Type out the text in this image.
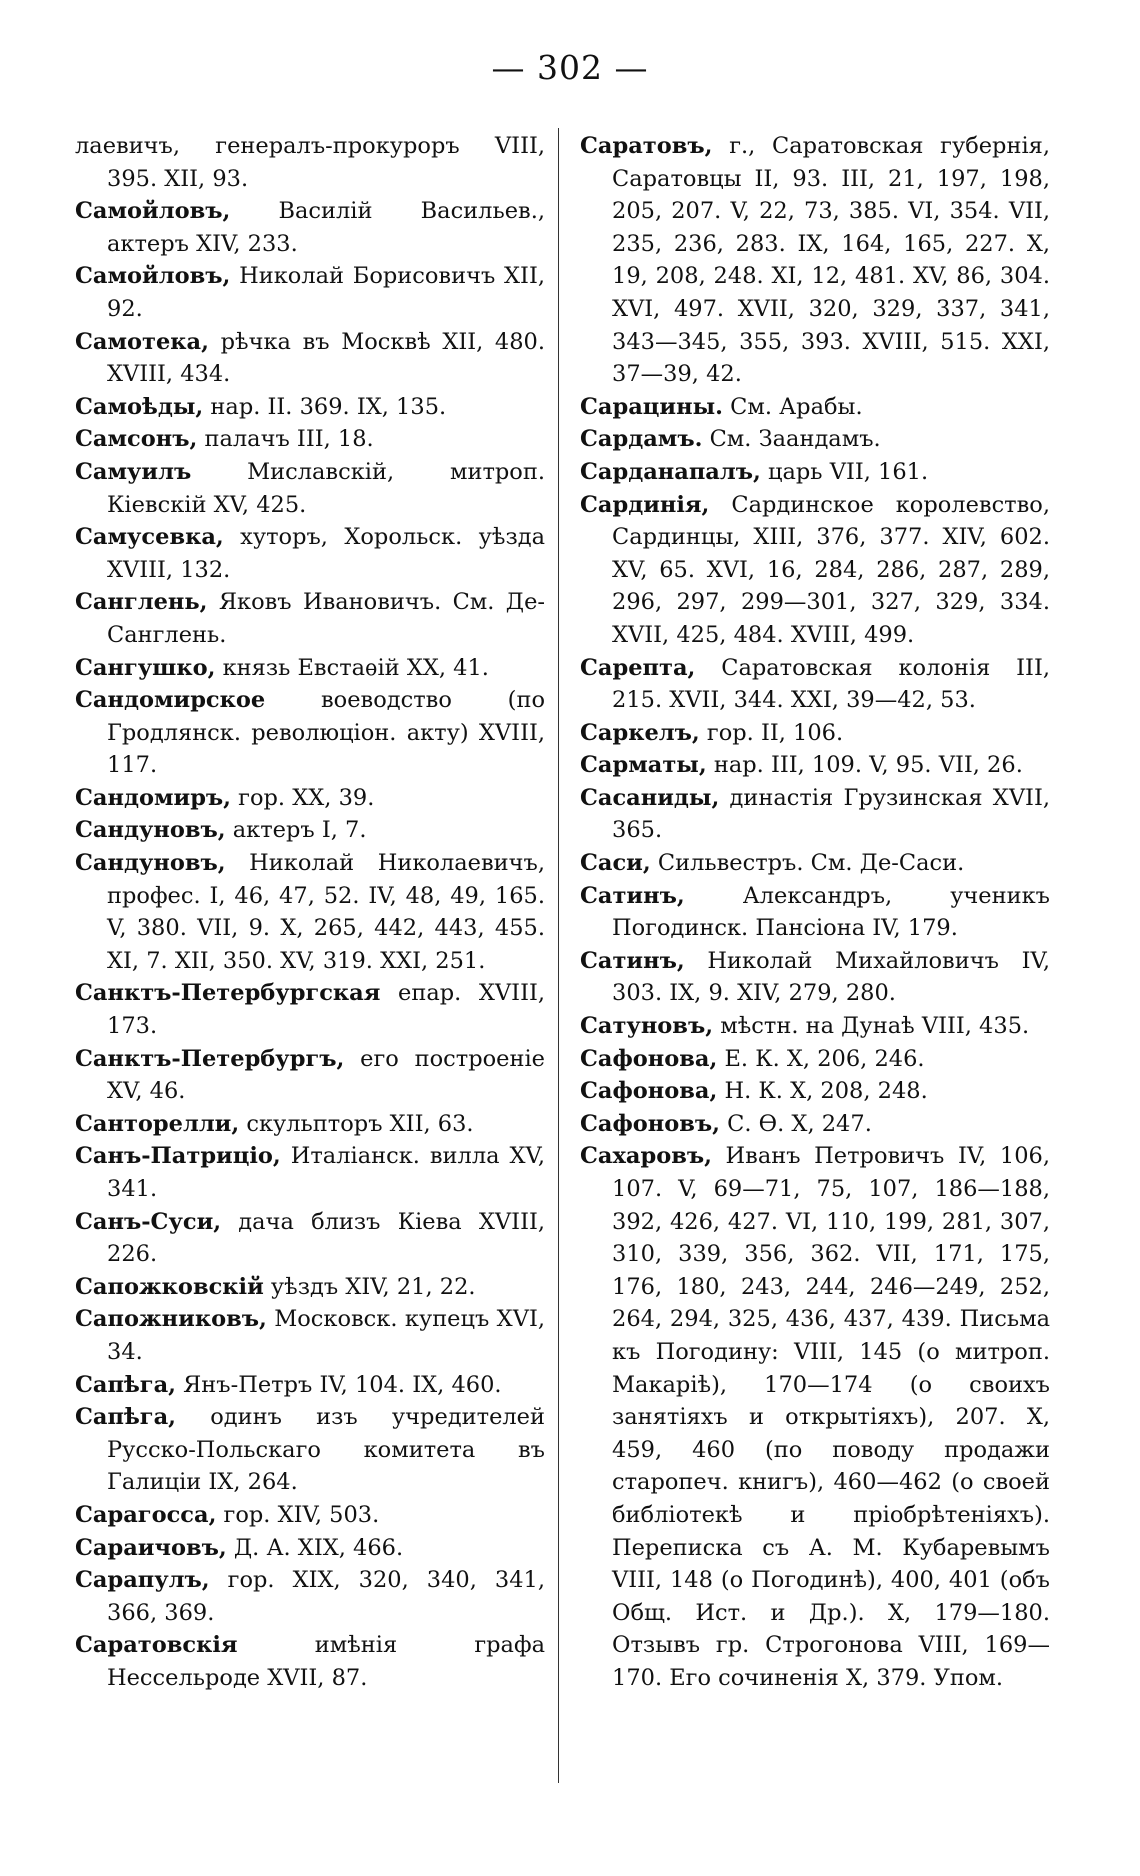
— 302 —
лаевичъ, генералъ-прокуроръ VIII, 395. XII, 93.
Самойловъ, Василій Васильев., актеръ XIV, 233.
Самойловъ, Николай Борисовичъ XII, 92.
Самотека, рѣчка въ Москвѣ XII, 480. XVIII, 434.
Самоѣды, нар. II. 369. IX, 135.
Самсонъ, палачъ III, 18.
Самуилъ Миславскій, митроп. Кіевскій XV, 425.
Самусевка, хуторъ, Хорольск. уѣзда XVIII, 132.
Санглень, Яковъ Ивановичъ. См. Де-Санглень.
Сангушко, князь Евстаѳій XX, 41.
Сандомирское воеводство (по Гродлянск. революціон. акту) XVIII, 117.
Сандомиръ, гор. XX, 39.
Сандуновъ, актеръ I, 7.
Сандуновъ, Николай Николаевичъ, профес. I, 46, 47, 52. IV, 48, 49, 165. V, 380. VII, 9. X, 265, 442, 443, 455. XI, 7. XII, 350. XV, 319. XXI, 251.
Санктъ-Петербургская епар. XVIII, 173.
Санктъ-Петербургъ, его построеніе XV, 46.
Санторелли, скульпторъ XII, 63.
Санъ-Патриціо, Италіанск. вилла XV, 341.
Санъ-Суси, дача близъ Кіева XVIII, 226.
Сапожковскій уѣздъ XIV, 21, 22.
Сапожниковъ, Московск. купецъ XVI, 34.
Сапѣга, Янъ-Петръ IV, 104. IX, 460.
Сапѣга, одинъ изъ учредителей Русско-Польскаго комитета въ Галиціи IX, 264.
Сарагосса, гор. XIV, 503.
Сараичовъ, Д. А. XIX, 466.
Сарапулъ, гор. XIX, 320, 340, 341, 366, 369.
Саратовскія имѣнія графа Нессельроде XVII, 87.
Саратовъ, г., Саратовская губернія, Саратовцы II, 93. III, 21, 197, 198, 205, 207. V, 22, 73, 385. VI, 354. VII, 235, 236, 283. IX, 164, 165, 227. X, 19, 208, 248. XI, 12, 481. XV, 86, 304. XVI, 497. XVII, 320, 329, 337, 341, 343—345, 355, 393. XVIII, 515. XXI, 37—39, 42.
Сарацины. См. Арабы.
Сардамъ. См. Заандамъ.
Сарданапалъ, царь VII, 161.
Сардинія, Сардинское королевство, Сардинцы, XIII, 376, 377. XIV, 602. XV, 65. XVI, 16, 284, 286, 287, 289, 296, 297, 299—301, 327, 329, 334. XVII, 425, 484. XVIII, 499.
Сарепта, Саратовская колонія III, 215. XVII, 344. XXI, 39—42, 53.
Саркелъ, гор. II, 106.
Сарматы, нар. III, 109. V, 95. VII, 26.
Сасаниды, династія Грузинская XVII, 365.
Саси, Сильвестръ. См. Де-Саси.
Сатинъ, Александръ, ученикъ Погодинск. Пансіона IV, 179.
Сатинъ, Николай Михайловичъ IV, 303. IX, 9. XIV, 279, 280.
Сатуновъ, мѣстн. на Дунаѣ VIII, 435.
Сафонова, Е. К. X, 206, 246.
Сафонова, Н. К. X, 208, 248.
Сафоновъ, С. Ѳ. X, 247.
Сахаровъ, Иванъ Петровичъ IV, 106, 107. V, 69—71, 75, 107, 186—188, 392, 426, 427. VI, 110, 199, 281, 307, 310, 339, 356, 362. VII, 171, 175, 176, 180, 243, 244, 246—249, 252, 264, 294, 325, 436, 437, 439. Письма къ Погодину: VIII, 145 (о митроп. Макаріѣ), 170—174 (о своихъ занятіяхъ и открытіяхъ), 207. X, 459, 460 (по поводу продажи старопеч. книгъ), 460—462 (о своей библіотекѣ и пріобрѣтеніяхъ). Переписка съ А. М. Кубаревымъ VIII, 148 (о Погодинѣ), 400, 401 (объ Общ. Ист. и Др.). X, 179—180. Отзывъ гр. Строгонова VIII, 169—170. Его сочиненія X, 379. Упом.
